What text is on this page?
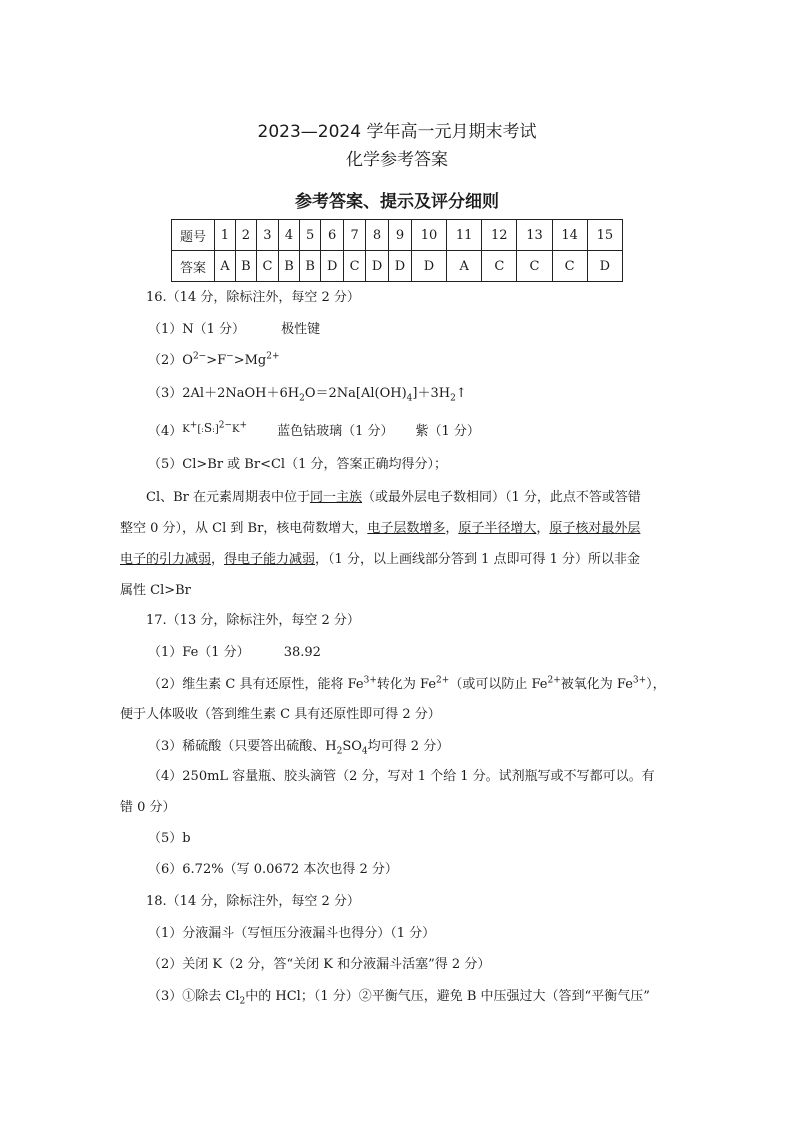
2023—2024 学年高一元月期末考试
化学参考答案
参考答案、提示及评分细则
题号	1	2	3	4	5	6	7	8	9	10	11	12	13	14	15
答案	A	B	C	B	B	D	C	D	D	D	A	C	C	C	D
16.（14 分，除标注外，每空 2 分）
（1）N（1 分）	极性键
$(2)O^{2-}>F^->Mg^{2+}$
$(3)2Al+2NaOH+6H_2O=2Na[Al(OH)_4]+3H_2↑$
$(4)^{K^+[:S:]^{2-}K^+}$ 蓝色钴玻璃（1 分） 紫（1 分）
（5）Cl>Br 或 Br<Cl（1 分，答案正确均得分）；
Cl、Br 在元素周期表中位于同一主族（或最外层电子数相同）（1 分，此点不答或答错
整空 0 分），从 Cl 到 Br，核电荷数增大，电子层数增多，原子半径增大，原子核对最外层
电子的引力减弱，得电子能力减弱，（1 分，以上画线部分答到 1 点即可得 1 分）所以非金
属性 Cl>Br
17.（13 分，除标注外，每空 2 分）
（1）Fe（1 分）	38.92
（2）维生素 C 具有还原性，能将 $Fe^{3+}$转化为 $Fe^{2+}$（或可以防止 $Fe^{2+}$被氧化为 $Fe^{3+}$），
便于人体吸收（答到维生素 C 具有还原性即可得 2 分）
（3）稀硫酸（只要答出硫酸、$H_2SO_4$均可得 2 分）
（4）250mL 容量瓶、胶头滴管（2 分，写对 1 个给 1 分。试剂瓶写或不写都可以。有
错 0 分）
（5）b
（6）6.72%（写 0.0672 本次也得 2 分）
18.（14 分，除标注外，每空 2 分）
（1）分液漏斗（写恒压分液漏斗也得分）（1 分）
（2）关闭 K（2 分，答“关闭 K 和分液漏斗活塞”得 2 分）
（3）①除去 $Cl_2$中的 HCl；（1 分）②平衡气压，避免 B 中压强过大（答到“平衡气压”
